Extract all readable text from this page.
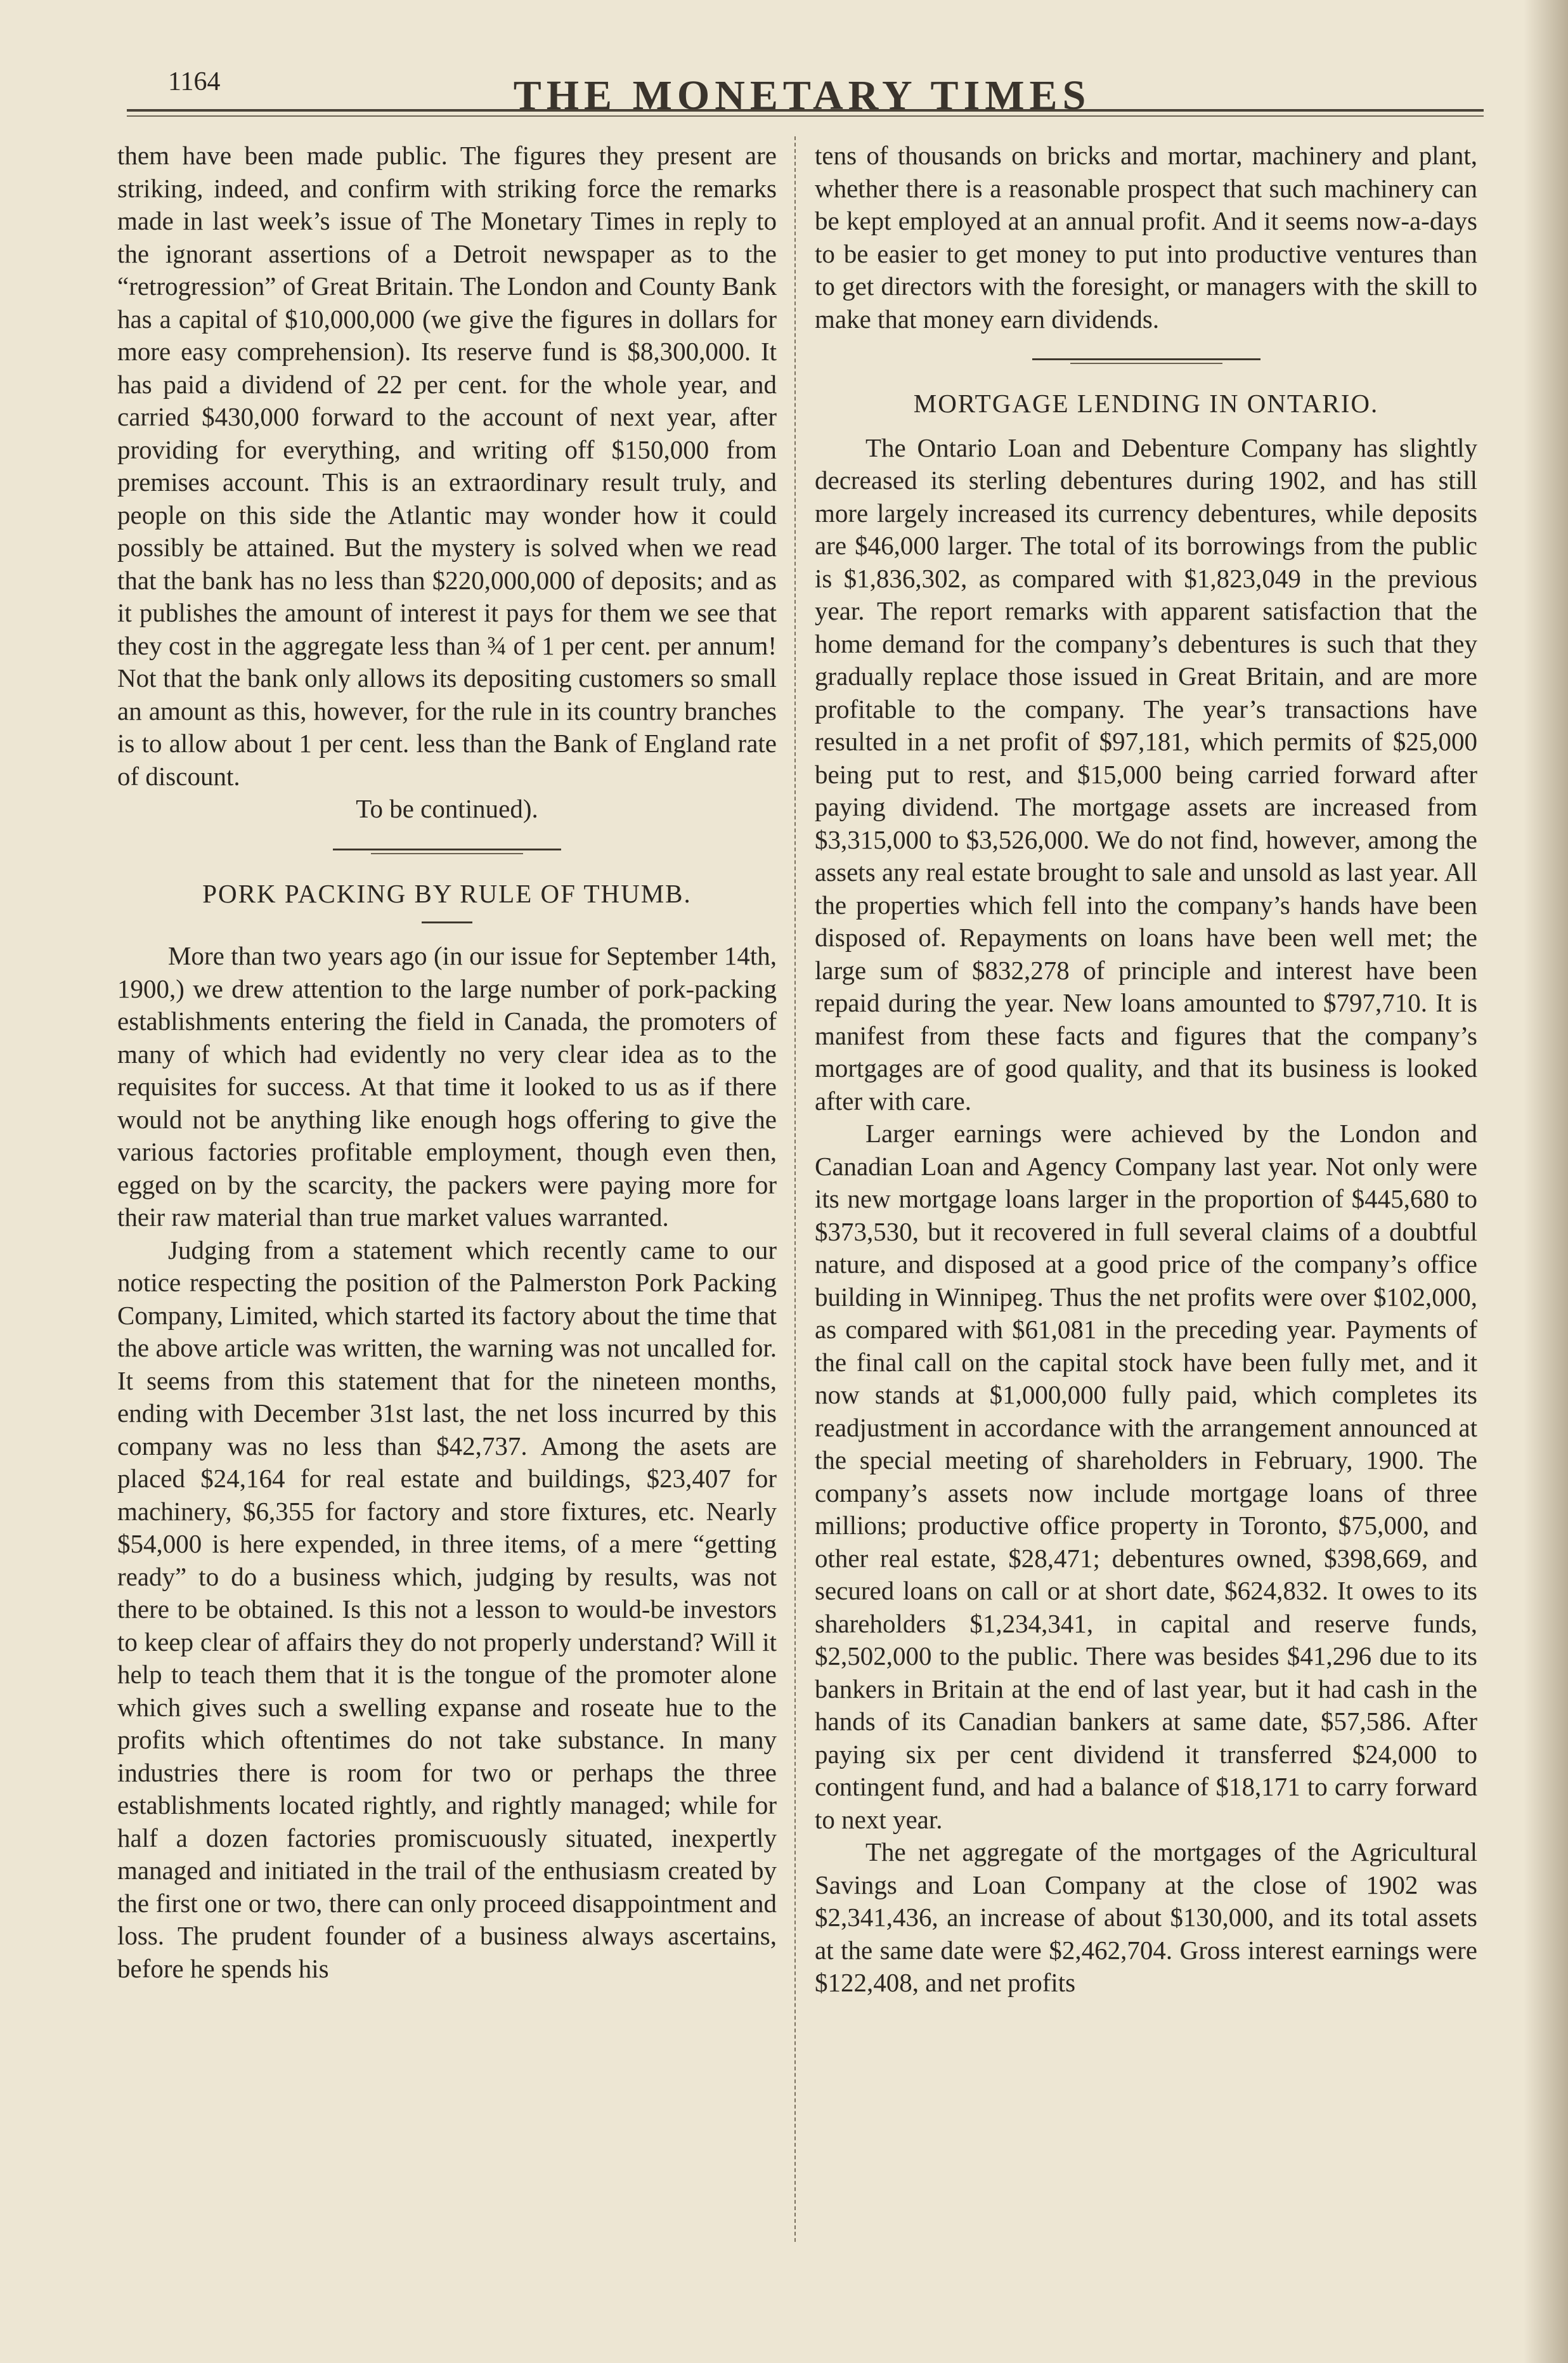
1164	THE MONETARY TIMES

them have been made public. The figures they present are striking, indeed, and confirm with striking force the remarks made in last week’s issue of The Monetary Times in reply to the ignorant assertions of a Detroit newspaper as to the “retrogression” of Great Britain. The London and County Bank has a capital of $10,000,000 (we give the figures in dollars for more easy comprehension). Its reserve fund is $8,300,000. It has paid a dividend of 22 per cent. for the whole year, and carried $430,000 forward to the account of next year, after providing for everything, and writing off $150,000 from premises account. This is an extraordinary result truly, and people on this side the Atlantic may wonder how it could possibly be attained. But the mystery is solved when we read that the bank has no less than $220,000,000 of deposits; and as it publishes the amount of interest it pays for them we see that they cost in the aggregate less than ¾ of 1 per cent. per annum! Not that the bank only allows its depositing customers so small an amount as this, however, for the rule in its country branches is to allow about 1 per cent. less than the Bank of England rate of discount.

To be continued).

PORK PACKING BY RULE OF THUMB.

More than two years ago (in our issue for September 14th, 1900,) we drew attention to the large number of pork-packing establishments entering the field in Canada, the promoters of many of which had evidently no very clear idea as to the requisites for success. At that time it looked to us as if there would not be anything like enough hogs offering to give the various factories profitable employment, though even then, egged on by the scarcity, the packers were paying more for their raw material than true market values warranted.

Judging from a statement which recently came to our notice respecting the position of the Palmerston Pork Packing Company, Limited, which started its factory about the time that the above article was written, the warning was not uncalled for. It seems from this statement that for the nineteen months, ending with December 31st last, the net loss incurred by this company was no less than $42,737. Among the asets are placed $24,164 for real estate and buildings, $23,407 for machinery, $6,355 for factory and store fixtures, etc. Nearly $54,000 is here expended, in three items, of a mere “getting ready” to do a business which, judging by results, was not there to be obtained. Is this not a lesson to would-be investors to keep clear of affairs they do not properly understand? Will it help to teach them that it is the tongue of the promoter alone which gives such a swelling expanse and roseate hue to the profits which oftentimes do not take substance. In many industries there is room for two or perhaps the three establishments located rightly, and rightly managed; while for half a dozen factories promiscuously situated, inexpertly managed and initiated in the trail of the enthusiasm created by the first one or two, there can only proceed disappointment and loss. The prudent founder of a business always ascertains, before he spends his

tens of thousands on bricks and mortar, machinery and plant, whether there is a reasonable prospect that such machinery can be kept employed at an annual profit. And it seems now-a-days to be easier to get money to put into productive ventures than to get directors with the foresight, or managers with the skill to make that money earn dividends.

MORTGAGE LENDING IN ONTARIO.

The Ontario Loan and Debenture Company has slightly decreased its sterling debentures during 1902, and has still more largely increased its currency debentures, while deposits are $46,000 larger. The total of its borrowings from the public is $1,836,302, as compared with $1,823,049 in the previous year. The report remarks with apparent satisfaction that the home demand for the company’s debentures is such that they gradually replace those issued in Great Britain, and are more profitable to the company. The year’s transactions have resulted in a net profit of $97,181, which permits of $25,000 being put to rest, and $15,000 being carried forward after paying dividend. The mortgage assets are increased from $3,315,000 to $3,526,000. We do not find, however, among the assets any real estate brought to sale and unsold as last year. All the properties which fell into the company’s hands have been disposed of. Repayments on loans have been well met; the large sum of $832,278 of principle and interest have been repaid during the year. New loans amounted to $797,710. It is manifest from these facts and figures that the company’s mortgages are of good quality, and that its business is looked after with care.

Larger earnings were achieved by the London and Canadian Loan and Agency Company last year. Not only were its new mortgage loans larger in the proportion of $445,680 to $373,530, but it recovered in full several claims of a doubtful nature, and disposed at a good price of the company’s office building in Winnipeg. Thus the net profits were over $102,000, as compared with $61,081 in the preceding year. Payments of the final call on the capital stock have been fully met, and it now stands at $1,000,000 fully paid, which completes its readjustment in accordance with the arrangement announced at the special meeting of shareholders in February, 1900. The company’s assets now include mortgage loans of three millions; productive office property in Toronto, $75,000, and other real estate, $28,471; debentures owned, $398,669, and secured loans on call or at short date, $624,832. It owes to its shareholders $1,234,341, in capital and reserve funds, $2,502,000 to the public. There was besides $41,296 due to its bankers in Britain at the end of last year, but it had cash in the hands of its Canadian bankers at same date, $57,586. After paying six per cent dividend it transferred $24,000 to contingent fund, and had a balance of $18,171 to carry forward to next year.

The net aggregate of the mortgages of the Agricultural Savings and Loan Company at the close of 1902 was $2,341,436, an increase of about $130,000, and its total assets at the same date were $2,462,704. Gross interest earnings were $122,408, and net profits
